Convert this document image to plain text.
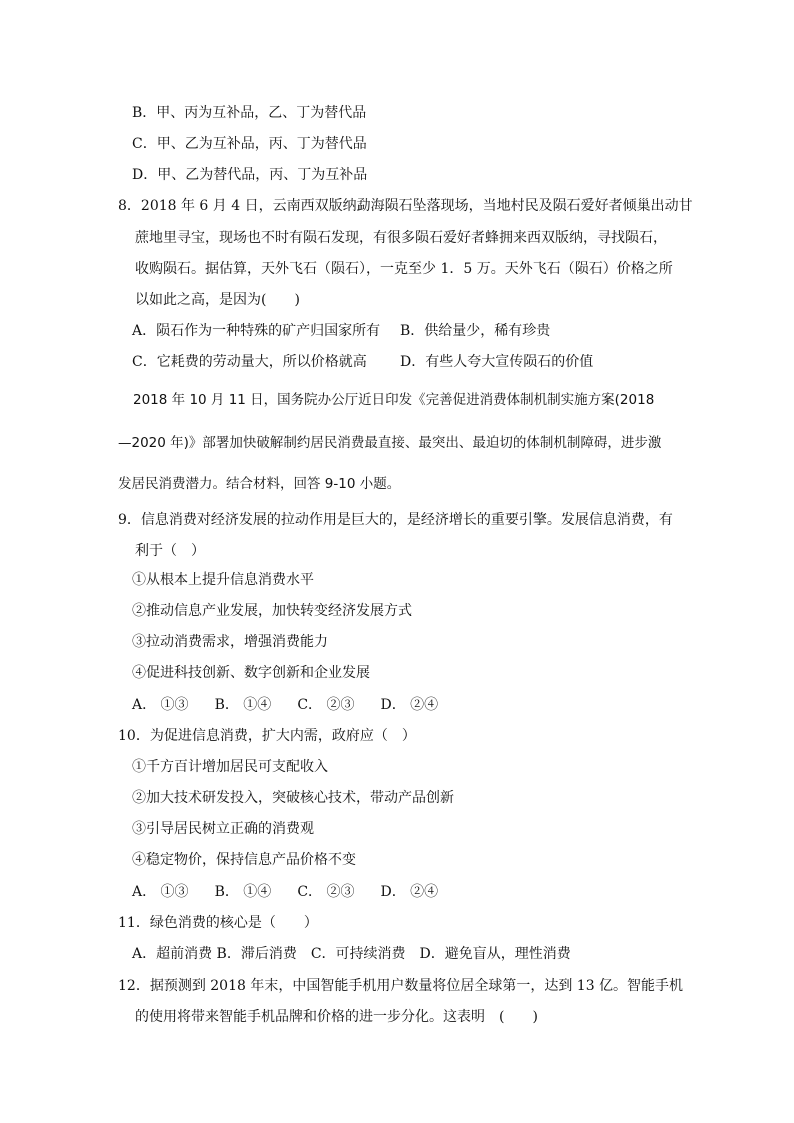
B．甲、丙为互补品，乙、丁为替代品
C．甲、乙为互补品，丙、丁为替代品
D．甲、乙为替代品，丙、丁为互补品
8．2018 年 6 月 4 日，云南西双版纳勐海陨石坠落现场，当地村民及陨石爱好者倾巢出动甘
蔗地里寻宝，现场也不时有陨石发现，有很多陨石爱好者蜂拥来西双版纳，寻找陨石，
收购陨石。据估算，天外飞石（陨石），一克至少 1．5 万。天外飞石（陨石）价格之所
以如此之高，是因为(　　)
A．陨石作为一种特殊的矿产归国家所有 B．供给量少，稀有珍贵
C．它耗费的劳动量大，所以价格就高 D．有些人夸大宣传陨石的价值
2018 年 10 月 11 日，国务院办公厅近日印发《完善促进消费体制机制实施方案(2018
—2020 年)》部署加快破解制约居民消费最直接、最突出、最迫切的体制机制障碍，进步激
发居民消费潜力。结合材料，回答 9-10 小题。
9．信息消费对经济发展的拉动作用是巨大的，是经济增长的重要引擎。发展信息消费，有
利于（　）
①从根本上提升信息消费水平
②推动信息产业发展，加快转变经济发展方式
③拉动消费需求，增强消费能力
④促进科技创新、数字创新和企业发展
A． ①③ B． ①④ C． ②③ D． ②④
10．为促进信息消费，扩大内需，政府应（　）
①千方百计增加居民可支配收入
②加大技术研发投入，突破核心技术，带动产品创新
③引导居民树立正确的消费观
④稳定物价，保持信息产品价格不变
A． ①③ B． ①④ C． ②③ D． ②④
11．绿色消费的核心是（　　）
A．超前消费 B．滞后消费　C．可持续消费　D．避免盲从，理性消费
12．据预测到 2018 年末，中国智能手机用户数量将位居全球第一，达到 13 亿。智能手机
的使用将带来智能手机品牌和价格的进一步分化。这表明　(　　)
